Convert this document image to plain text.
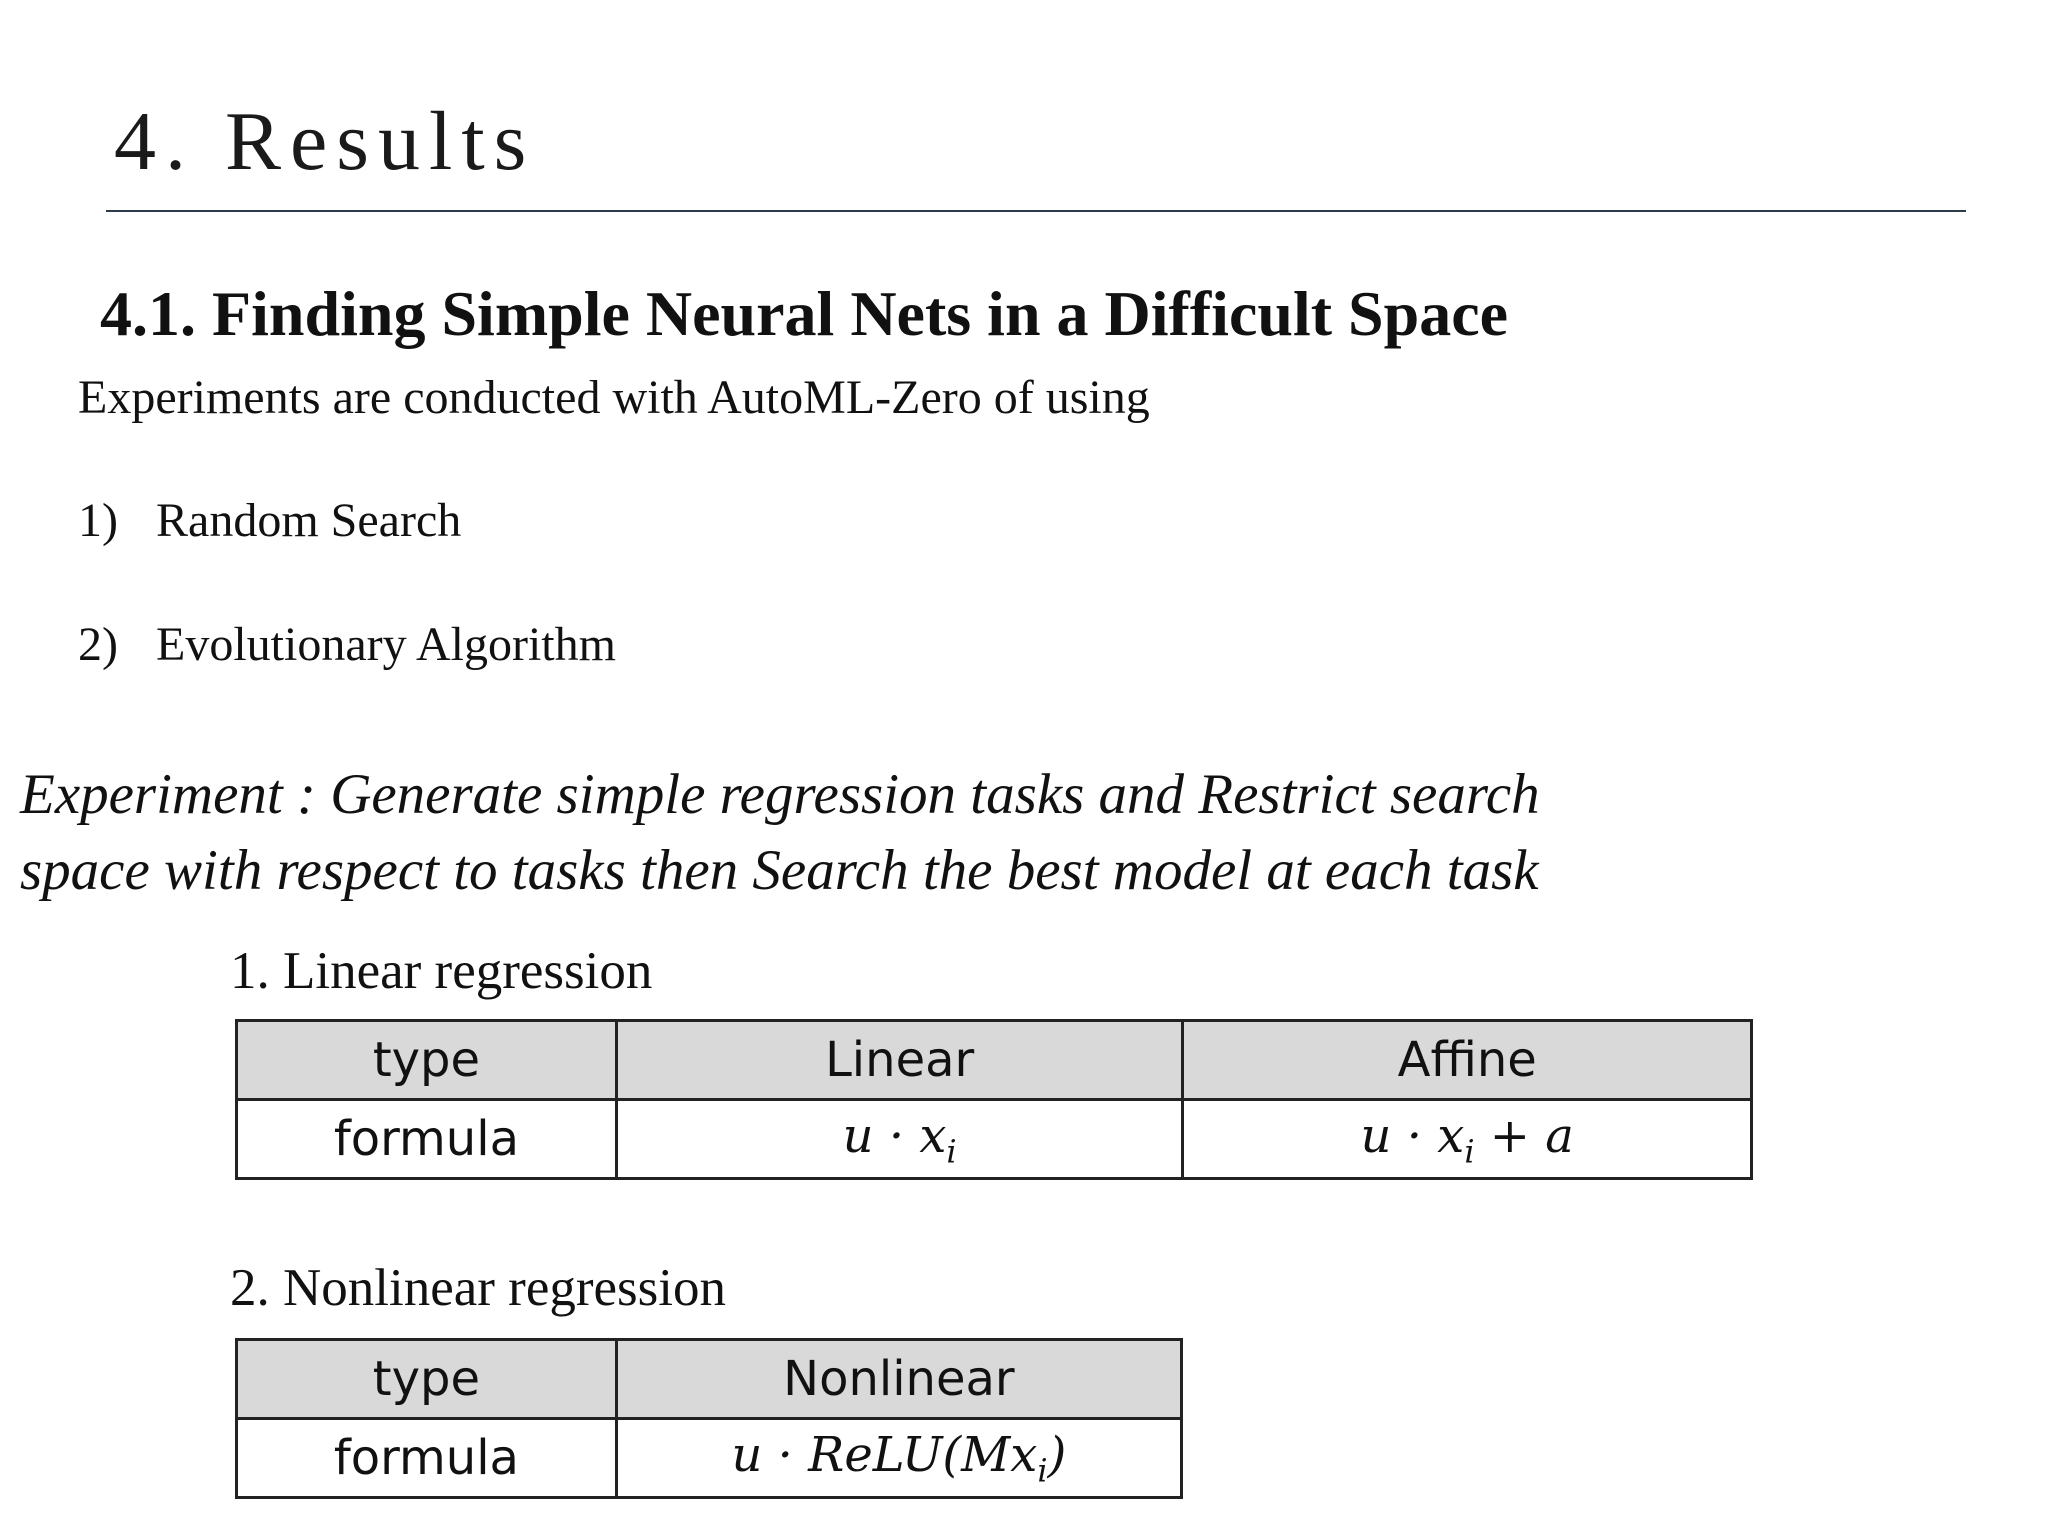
4. Results
4.1. Finding Simple Neural Nets in a Difficult Space
Experiments are conducted with AutoML-Zero of using
1) Random Search
2) Evolutionary Algorithm
Experiment : Generate simple regression tasks and Restrict search
space with respect to tasks then Search the best model at each task
1. Linear regression
type	Linear	Affine
formula	$u \cdot x_i$	$u \cdot x_i + a$
2. Nonlinear regression
type	Nonlinear
formula	$u \cdot ReLU(Mx_i)$
